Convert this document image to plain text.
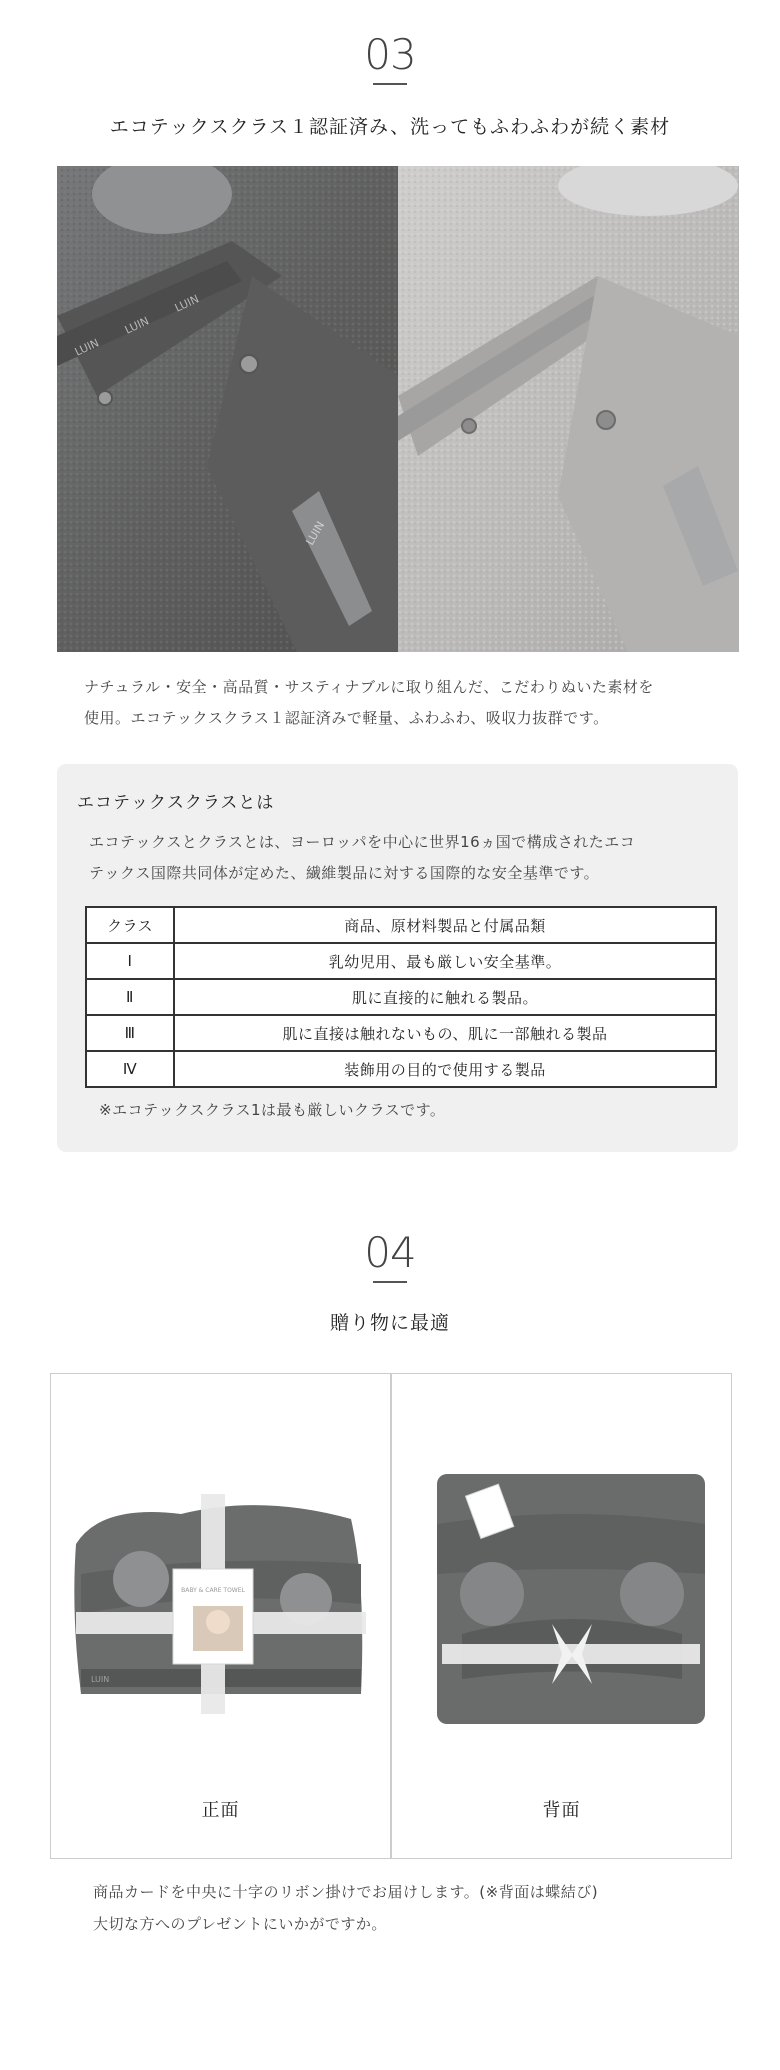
03
エコテックスクラス１認証済み、洗ってもふわふわが続く素材
LUIN
LUIN
LUIN
LUIN
ナチュラル・安全・高品質・サスティナブルに取り組んだ、こだわりぬいた素材を
使用。エコテックスクラス１認証済みで軽量、ふわふわ、吸収力抜群です。
エコテックスクラスとは
エコテックスとクラスとは、ヨーロッパを中心に世界16ヵ国で構成されたエコ
テックス国際共同体が定めた、繊維製品に対する国際的な安全基準です。
クラス	商品、原材料製品と付属品類
Ⅰ	乳幼児用、最も厳しい安全基準。
Ⅱ	肌に直接的に触れる製品。
Ⅲ	肌に直接は触れないもの、肌に一部触れる製品
Ⅳ	装飾用の目的で使用する製品
※エコテックスクラス1は最も厳しいクラスです。
04
贈り物に最適
LUIN
BABY & CARE TOWEL
正面	背面
商品カードを中央に十字のリボン掛けでお届けします。(※背面は蝶結び)
大切な方へのプレゼントにいかがですか。
